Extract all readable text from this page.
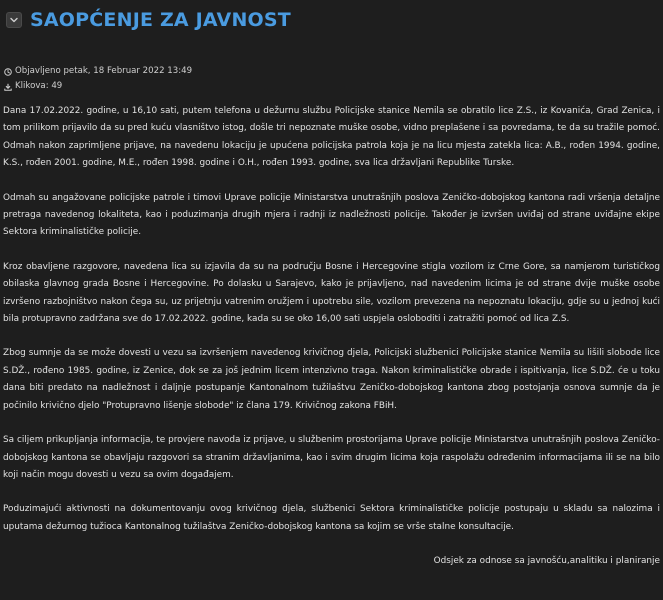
SAOPĆENJE ZA JAVNOST
Objavljeno petak, 18 Februar 2022 13:49
Klikova: 49

Dana 17.02.2022. godine, u 16,10 sati, putem telefona u dežurnu službu Policijske stanice Nemila se obratilo lice Z.S., iz Kovanića, Grad Zenica, i tom prilikom prijavilo da su pred kuću vlasništvo istog, došle tri nepoznate muške osobe, vidno preplašene i sa povredama, te da su tražile pomoć. Odmah nakon zaprimljene prijave, na navedenu lokaciju je upućena policijska patrola koja je na licu mjesta zatekla lica: A.B., rođen 1994. godine, K.S., rođen 2001. godine, M.E., rođen 1998. godine i O.H., rođen 1993. godine, sva lica državljani Republike Turske.

Odmah su angažovane policijske patrole i timovi Uprave policije Ministarstva unutrašnjih poslova Zeničko-dobojskog kantona radi vršenja detaljne pretraga navedenog lokaliteta, kao i poduzimanja drugih mjera i radnji iz nadležnosti policije. Također je izvršen uviđaj od strane uviđajne ekipe Sektora kriminalističke policije.

Kroz obavljene razgovore, navedena lica su izjavila da su na području Bosne i Hercegovine stigla vozilom iz Crne Gore, sa namjerom turističkog obilaska glavnog grada Bosne i Hercegovine. Po dolasku u Sarajevo, kako je prijavljeno, nad navedenim licima je od strane dvije muške osobe izvršeno razbojništvo nakon čega su, uz prijetnju vatrenim oružjem i upotrebu sile, vozilom prevezena na nepoznatu lokaciju, gdje su u jednoj kući bila protupravno zadržana sve do 17.02.2022. godine, kada su se oko 16,00 sati uspjela osloboditi i zatražiti pomoć od lica Z.S.

Zbog sumnje da se može dovesti u vezu sa izvršenjem navedenog krivičnog djela, Policijski službenici Policijske stanice Nemila su lišili slobode lice S.DŽ., rođeno 1985. godine, iz Zenice, dok se za još jednim licem intenzivno traga. Nakon kriminalističke obrade i ispitivanja, lice S.DŽ. će u toku dana biti predato na nadležnost i daljnje postupanje Kantonalnom tužilaštvu Zeničko-dobojskog kantona zbog postojanja osnova sumnje da je počinilo krivično djelo "Protupravno lišenje slobode" iz člana 179. Krivičnog zakona FBiH.

Sa ciljem prikupljanja informacija, te provjere navoda iz prijave, u službenim prostorijama Uprave policije Ministarstva unutrašnjih poslova Zeničko-dobojskog kantona se obavljaju razgovori sa stranim državljanima, kao i svim drugim licima koja raspolažu određenim informacijama ili se na bilo koji način mogu dovesti u vezu sa ovim događajem.

Poduzimajući aktivnosti na dokumentovanju ovog krivičnog djela, službenici Sektora kriminalističke policije postupaju u skladu sa nalozima i uputama dežurnog tužioca Kantonalnog tužilaštva Zeničko-dobojskog kantona sa kojim se vrše stalne konsultacije.

Odsjek za odnose sa javnošću,analitiku i planiranje
